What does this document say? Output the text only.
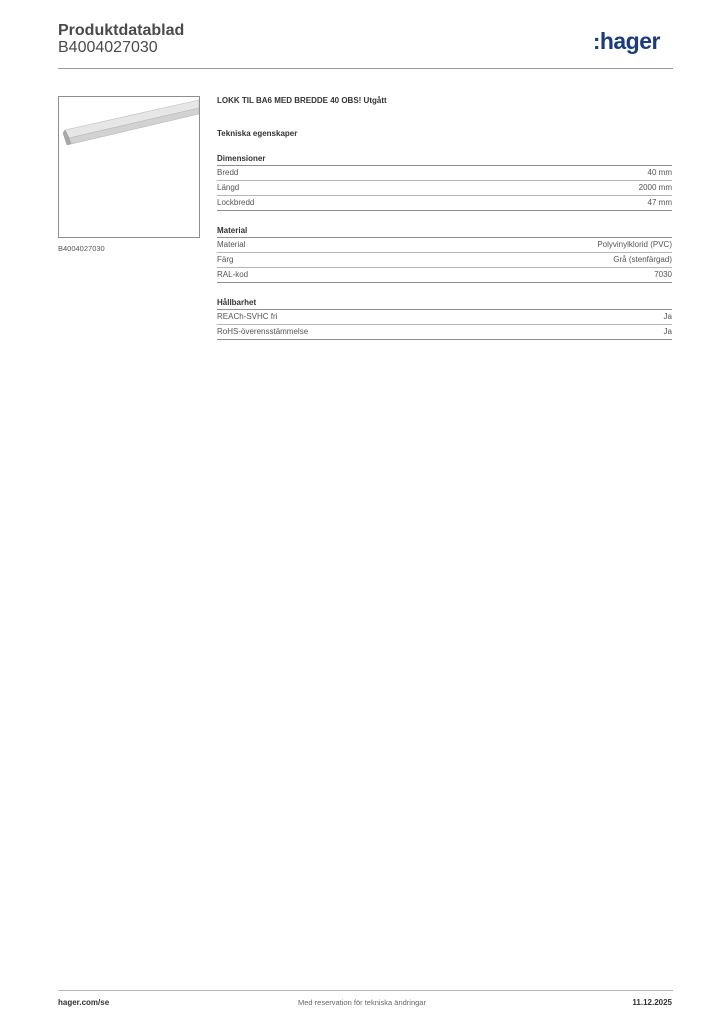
Produktdatablad
B4004027030	:hager
B4004027030
LOKK TIL BA6 MED BREDDE 40 OBS! Utgått
Tekniska egenskaper
Dimensioner
Bredd	40 mm
Längd	2000 mm
Lockbredd	47 mm
Material
Material	Polyvinylklorid (PVC)
Färg	Grå (stenfärgad)
RAL-kod	7030
Hållbarhet
REACh-SVHC fri	Ja
RoHS-överensstämmelse	Ja
hager.com/se	Med reservation för tekniska ändringar	11.12.2025
